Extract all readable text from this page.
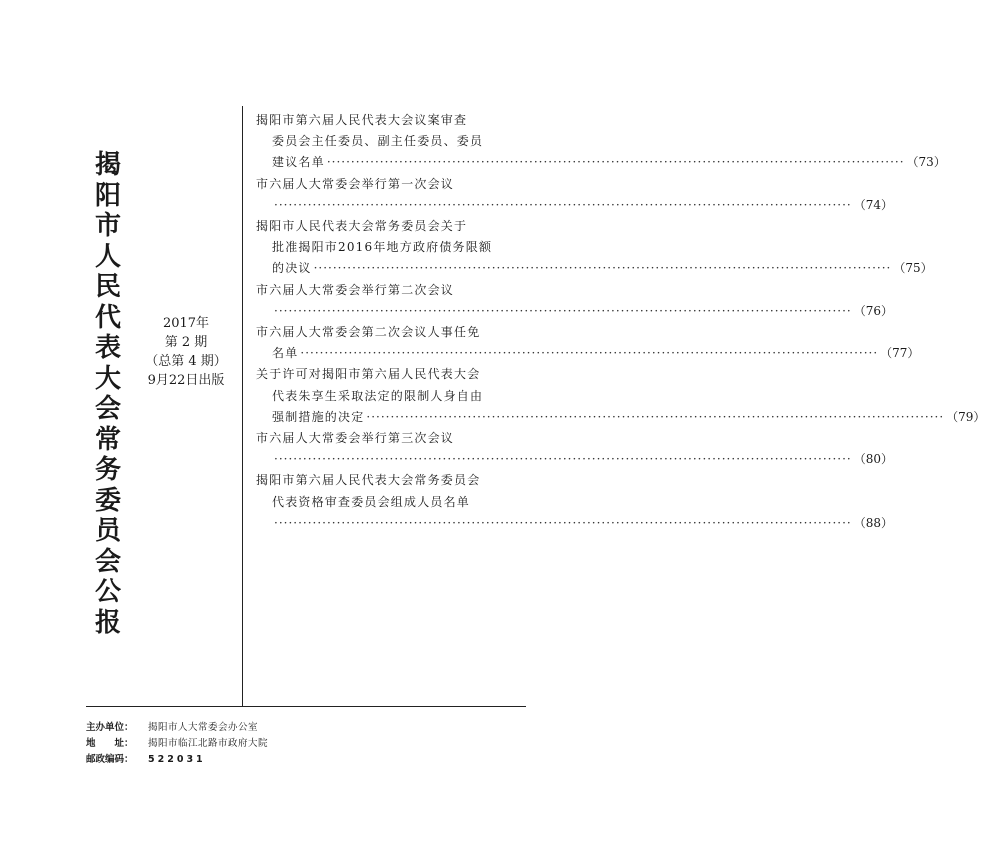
揭阳市人民代表大会常务委员会公报
2017年
第 2 期
（总第 4 期）
9月22日出版
揭阳市第六届人民代表大会议案审查
委员会主任委员、副主任委员、委员
建议名单 ························································································································ （73）
市六届人大常委会举行第一次会议
························································································································ （74）
揭阳市人民代表大会常务委员会关于
批准揭阳市2016年地方政府债务限额
的决议 ························································································································ （75）
市六届人大常委会举行第二次会议
························································································································ （76）
市六届人大常委会第二次会议人事任免
名单 ························································································································ （77）
关于许可对揭阳市第六届人民代表大会
代表朱享生采取法定的限制人身自由
强制措施的决定 ························································································································ （79）
市六届人大常委会举行第三次会议
························································································································ （80）
揭阳市第六届人民代表大会常务委员会
代表资格审查委员会组成人员名单
························································································································ （88）
主办单位： 揭阳市人大常委会办公室
地　　址： 揭阳市临江北路市政府大院
邮政编码： 522031
